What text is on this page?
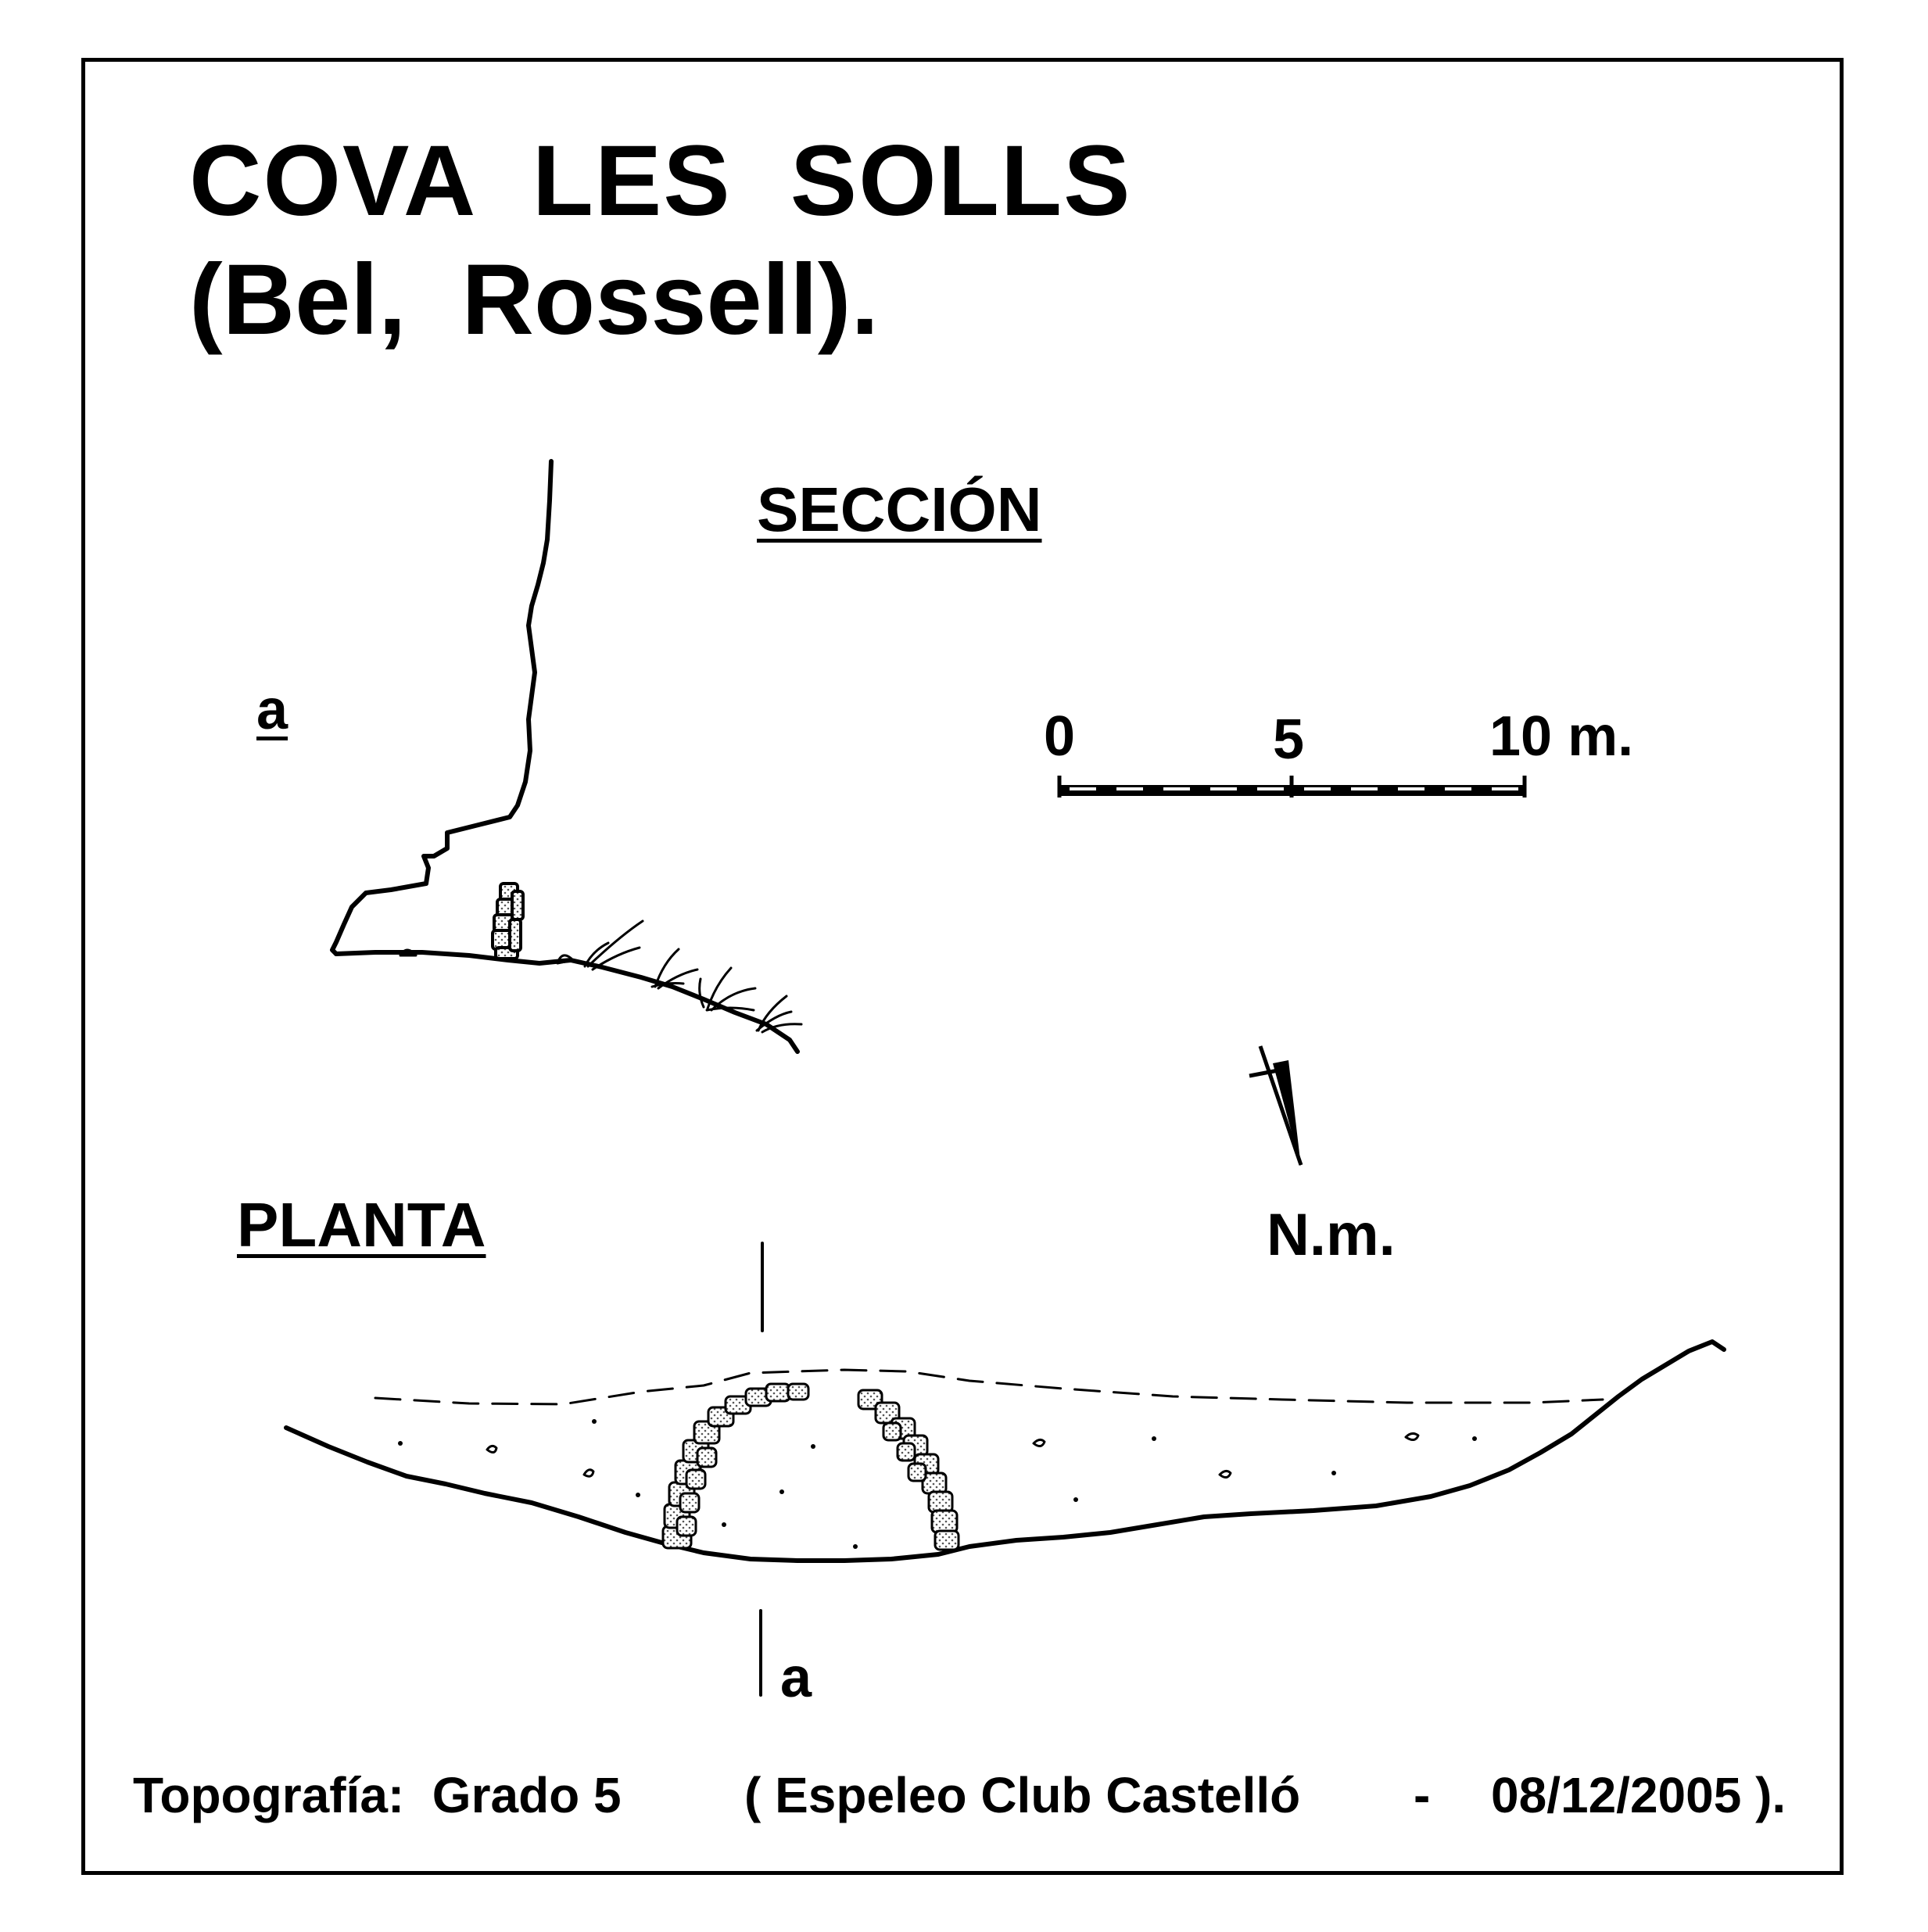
COVA  LES  SOLLS
(Bel,  Rossell).
SECCIÓN
PLANTA
a	0	5	10 m.
N.m.
a
Topografía:  Grado 5 ( Espeleo Club Castelló - 08/12/2005 ).
